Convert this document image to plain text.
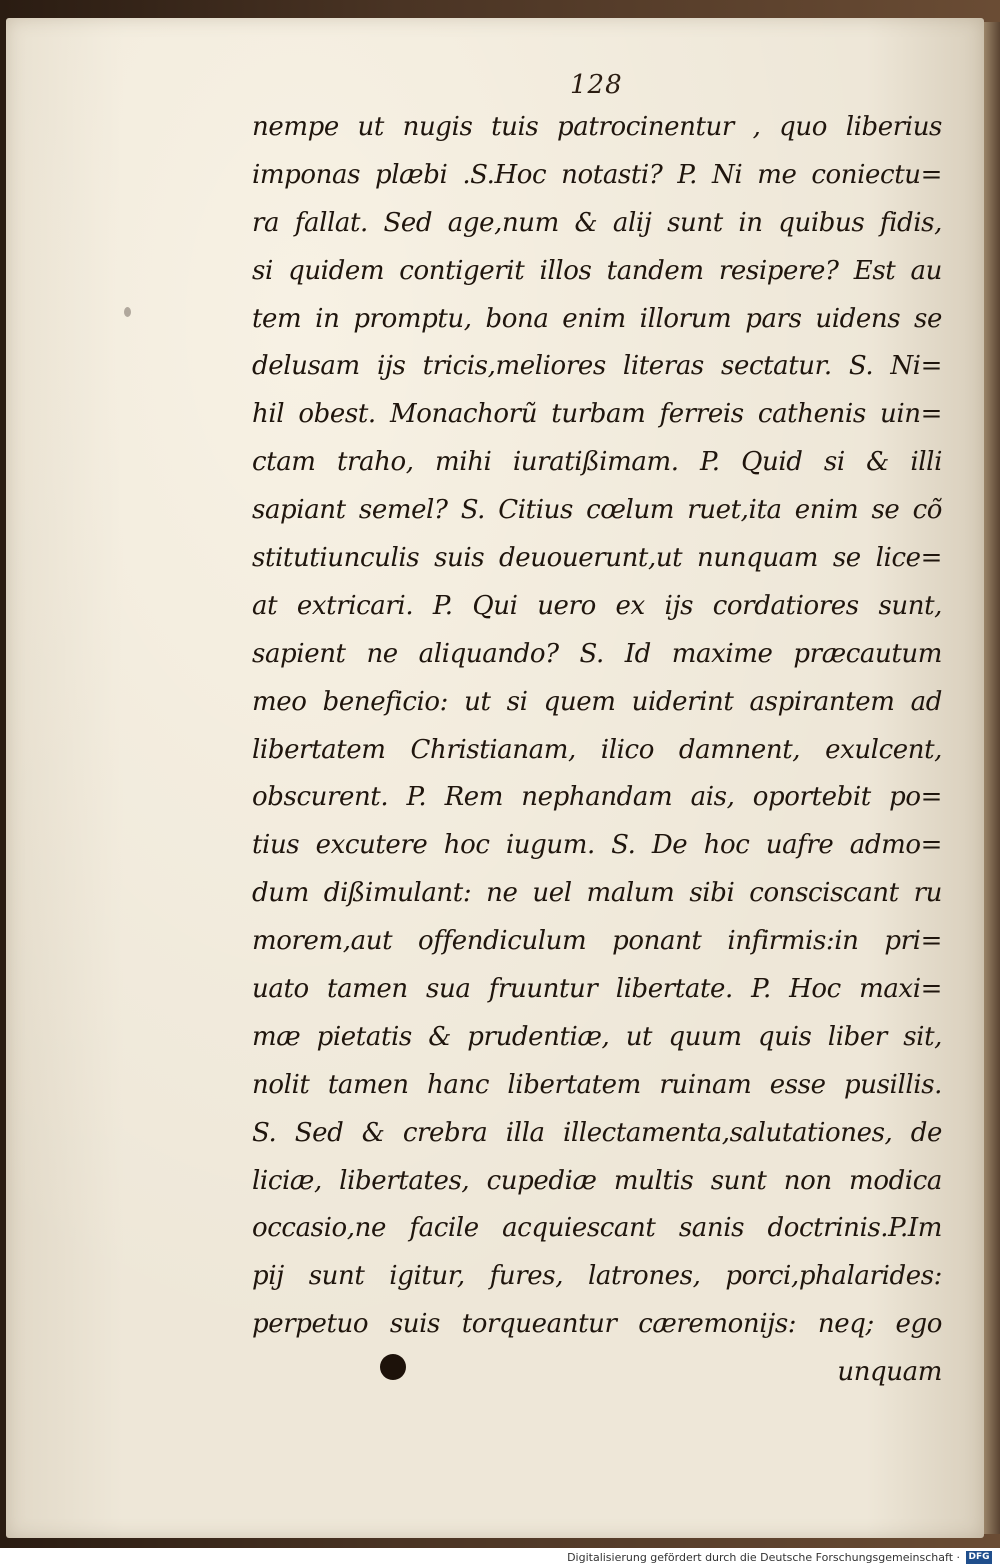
128
nempe ut nugis tuis patrocinentur , quo liberius
imponas plæbi .S.Hoc notasti? P. Ni me coniectu=
ra fallat. Sed age,num & alij sunt in quibus fidis,
si quidem contigerit illos tandem resipere? Est au
tem in promptu, bona enim illorum pars uidens se
delusam ijs tricis,meliores literas sectatur. S. Ni=
hil obest. Monachorũ turbam ferreis cathenis uin=
ctam traho, mihi iuratißimam. P. Quid si & illi
sapiant semel? S. Citius cœlum ruet,ita enim se cõ
stitutiunculis suis deuouerunt,ut nunquam se lice=
at extricari. P. Qui uero ex ijs cordatiores sunt,
sapient ne aliquando? S. Id maxime præcautum
meo beneficio: ut si quem uiderint aspirantem ad
libertatem Christianam, ilico damnent, exulcent,
obscurent. P. Rem nephandam ais, oportebit po=
tius excutere hoc iugum. S. De hoc uafre admo=
dum dißimulant: ne uel malum sibi consciscant ru
morem,aut offendiculum ponant infirmis:in pri=
uato tamen sua fruuntur libertate. P. Hoc maxi=
mæ pietatis & prudentiæ, ut quum quis liber sit,
nolit tamen hanc libertatem ruinam esse pusillis.
S. Sed & crebra illa illectamenta,salutationes, de
liciæ, libertates, cupediæ multis sunt non modica
occasio,ne facile acquiescant sanis doctrinis.P.Im
pij sunt igitur, fures, latrones, porci,phalarides:
perpetuo suis torqueantur cæremonijs: neq; ego
unquam
Digitalisierung gefördert durch die Deutsche Forschungsgemeinschaft · DFG
